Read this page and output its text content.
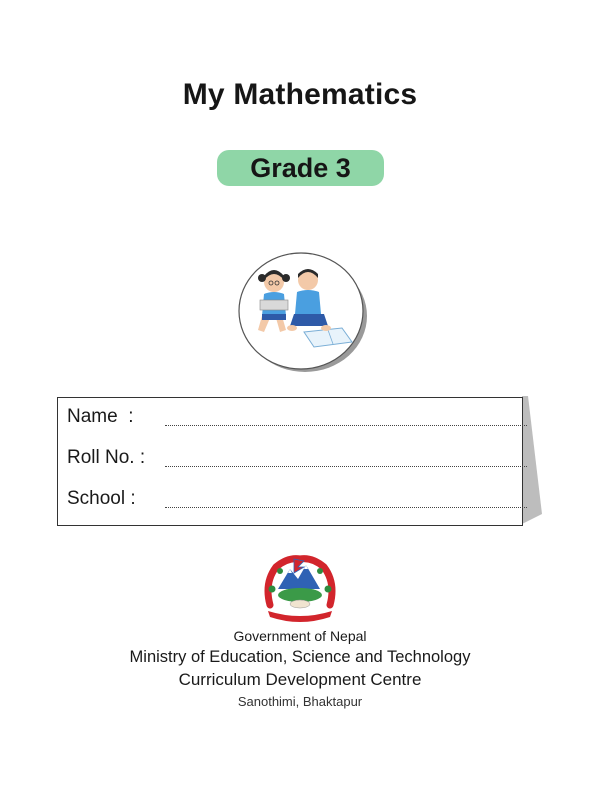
My Mathematics
Grade 3
Name  :
Roll No. :
School :
Government of Nepal
Ministry of Education, Science and Technology
Curriculum Development Centre
Sanothimi, Bhaktapur
